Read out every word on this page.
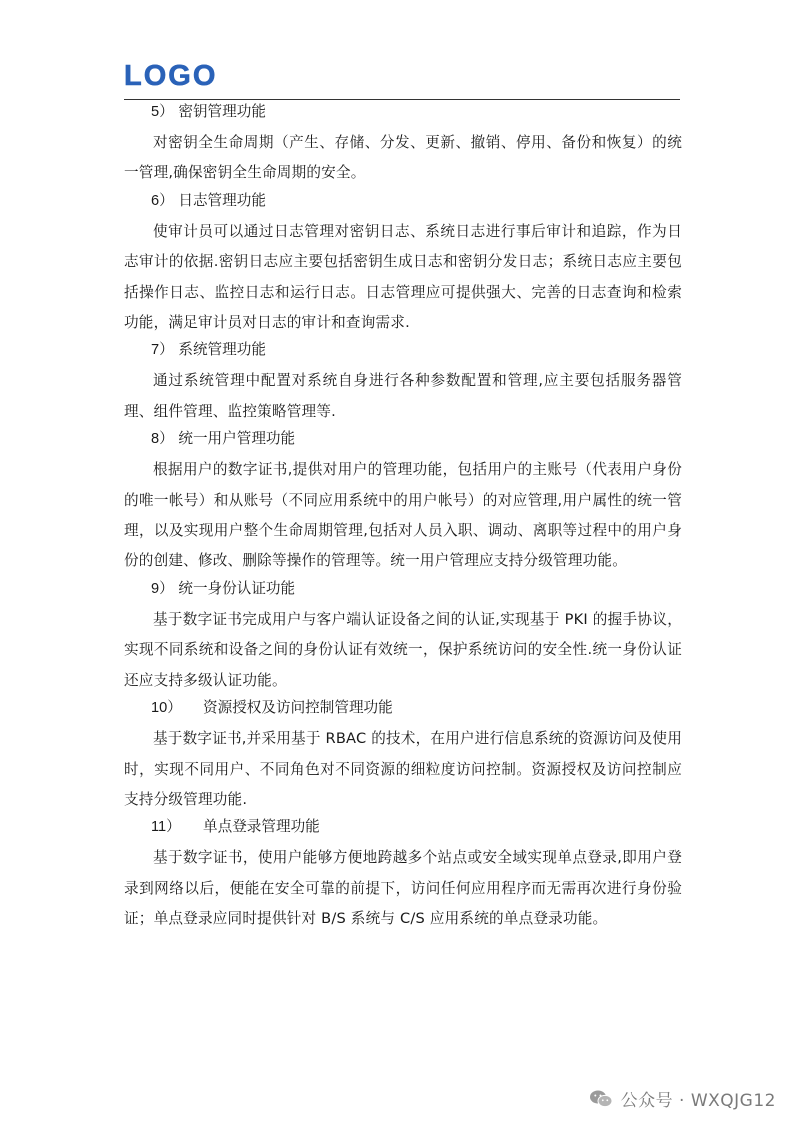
LOGO

5） 密钥管理功能

对密钥全生命周期（产生、存储、分发、更新、撤销、停用、备份和恢复）的统一管理,确保密钥全生命周期的安全。

6） 日志管理功能

使审计员可以通过日志管理对密钥日志、系统日志进行事后审计和追踪，作为日志审计的依据.密钥日志应主要包括密钥生成日志和密钥分发日志；系统日志应主要包括操作日志、监控日志和运行日志。日志管理应可提供强大、完善的日志查询和检索功能，满足审计员对日志的审计和查询需求.

7） 系统管理功能

通过系统管理中配置对系统自身进行各种参数配置和管理,应主要包括服务器管理、组件管理、监控策略管理等.

8） 统一用户管理功能

根据用户的数字证书,提供对用户的管理功能，包括用户的主账号（代表用户身份的唯一帐号）和从账号（不同应用系统中的用户帐号）的对应管理,用户属性的统一管理，以及实现用户整个生命周期管理,包括对人员入职、调动、离职等过程中的用户身份的创建、修改、删除等操作的管理等。统一用户管理应支持分级管理功能。

9） 统一身份认证功能

基于数字证书完成用户与客户端认证设备之间的认证,实现基于 PKI 的握手协议，实现不同系统和设备之间的身份认证有效统一，保护系统访问的安全性.统一身份认证还应支持多级认证功能。

10） 资源授权及访问控制管理功能

基于数字证书,并采用基于 RBAC 的技术，在用户进行信息系统的资源访问及使用时，实现不同用户、不同角色对不同资源的细粒度访问控制。资源授权及访问控制应支持分级管理功能.

11） 单点登录管理功能

基于数字证书，使用户能够方便地跨越多个站点或安全域实现单点登录,即用户登录到网络以后，便能在安全可靠的前提下，访问任何应用程序而无需再次进行身份验证；单点登录应同时提供针对 B/S 系统与 C/S 应用系统的单点登录功能。

公众号 · WXQJG12
